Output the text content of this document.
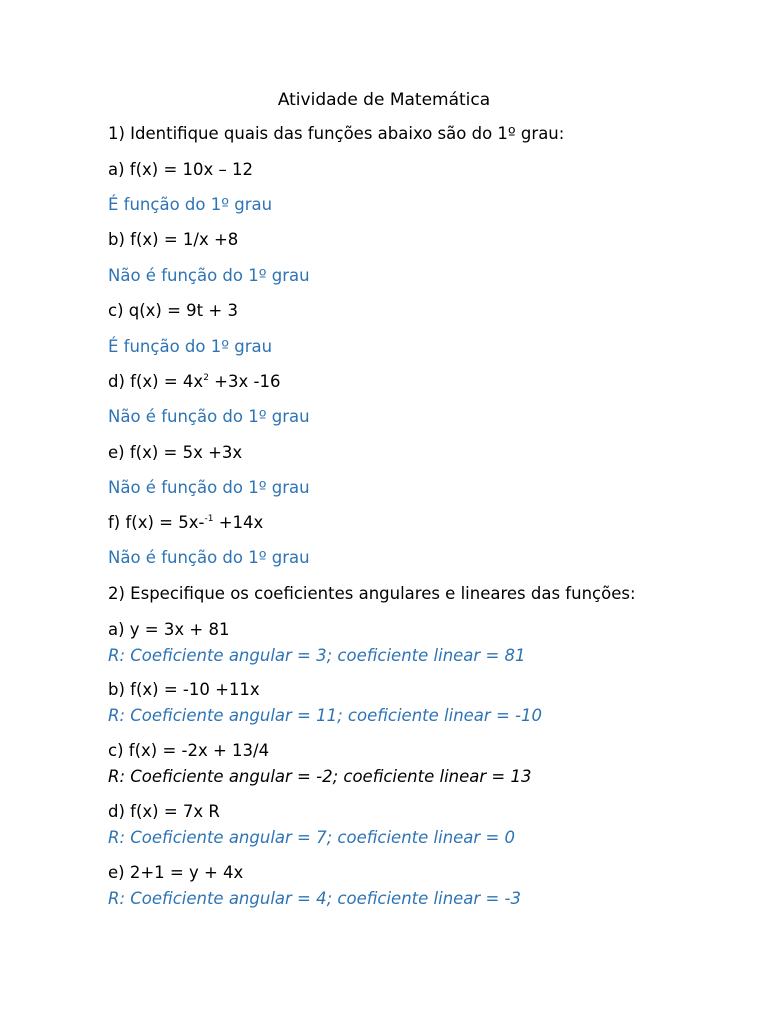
Atividade de Matemática
1) Identifique quais das funções abaixo são do 1º grau:
a) f(x) = 10x – 12
É função do 1º grau
b) f(x) = 1/x +8
Não é função do 1º grau
c) q(x) = 9t + 3
É função do 1º grau
d) $f(x) = 4x^2 +3x$ -16
Não é função do 1º grau
e) f(x) = 5x +3x
Não é função do 1º grau
f) f(x) = 5x-$^{-1}$ +14x
Não é função do 1º grau
2) Especifique os coeficientes angulares e lineares das funções:
a) y = 3x + 81
R: Coeficiente angular = 3; coeficiente linear = 81
b) f(x) = -10 +11x
R: Coeficiente angular = 11; coeficiente linear = -10
c) f(x) = -2x + 13/4
R: Coeficiente angular = -2; coeficiente linear = 13
d) f(x) = 7x R
R: Coeficiente angular = 7; coeficiente linear = 0
e) 2+1 = y + 4x
R: Coeficiente angular = 4; coeficiente linear = -3
